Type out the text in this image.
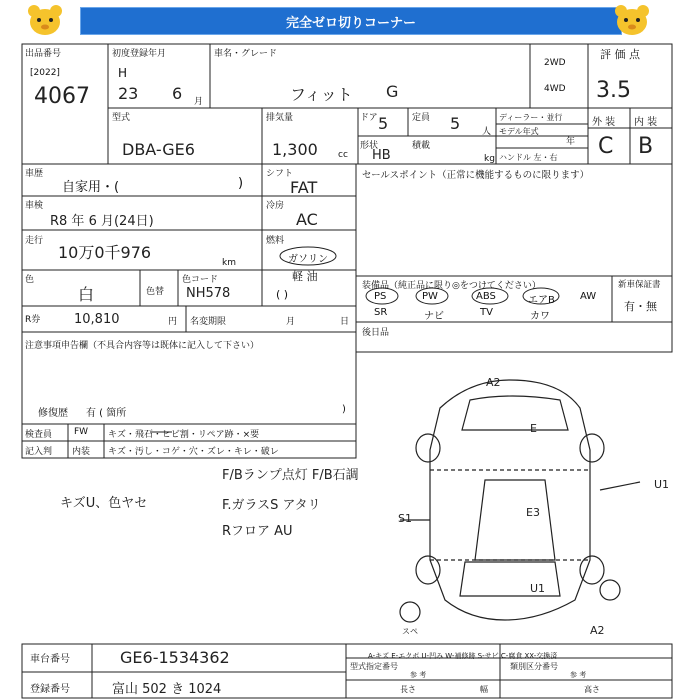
完全ゼロ切りコーナー
出品番号
[2022]
4067
初度登録年月
H
23 6 月
車名・グレード
フィット G
2WD
4WD
評 価 点
3.5
外 装 内 装
C B
型式
DBA-GE6
排気量
1,300 cc
ドア 5	定員 5 人
形状
HB
積載
kg
ディーラー・並行
モデル年式
年
ハンドル 左・右
車歴
自家用・(	)
シフト
FAT
車検
R8 年 6 月(24日)
冷房
AC
走行
10万0千976
km
燃料
ガソリン
軽 油
( )
色
白	色替
色コード
NH578
R券	10,810	円 名変期限	月	日
注意事項申告欄（不具合内容等は既体に記入して下さい）
修復歴 有 ( 箇所	)
セールスポイント（正常に機能するものに限ります）
装備品（純正品に限り◎をつけてください）
PS	PW	ABS	エアB	AW
SR	ナビ	TV	カワ
新車保証書
有・無
後日品
検査員
記入判
FW キズ・飛石・ヒビ割・リペア跡・×要
内装 キズ・汚し・コゲ・穴・ズレ・キレ・破レ
F/Bランプ点灯 F/B石調
キズU、色ヤセ	F.ガラスS アタリ
Rフロア AU
A2
E
E3
U1
S1
U1
A2
スペ
A-キズ E-エクボ U-凹み W-補修跡 S-サビ C-腐食 XX-交換済
車台番号	GE6-1534362
登録番号	富山 502 き 1024
型式指定番号	類別区分番号
参 考	参 考
長さ	幅	高さ
